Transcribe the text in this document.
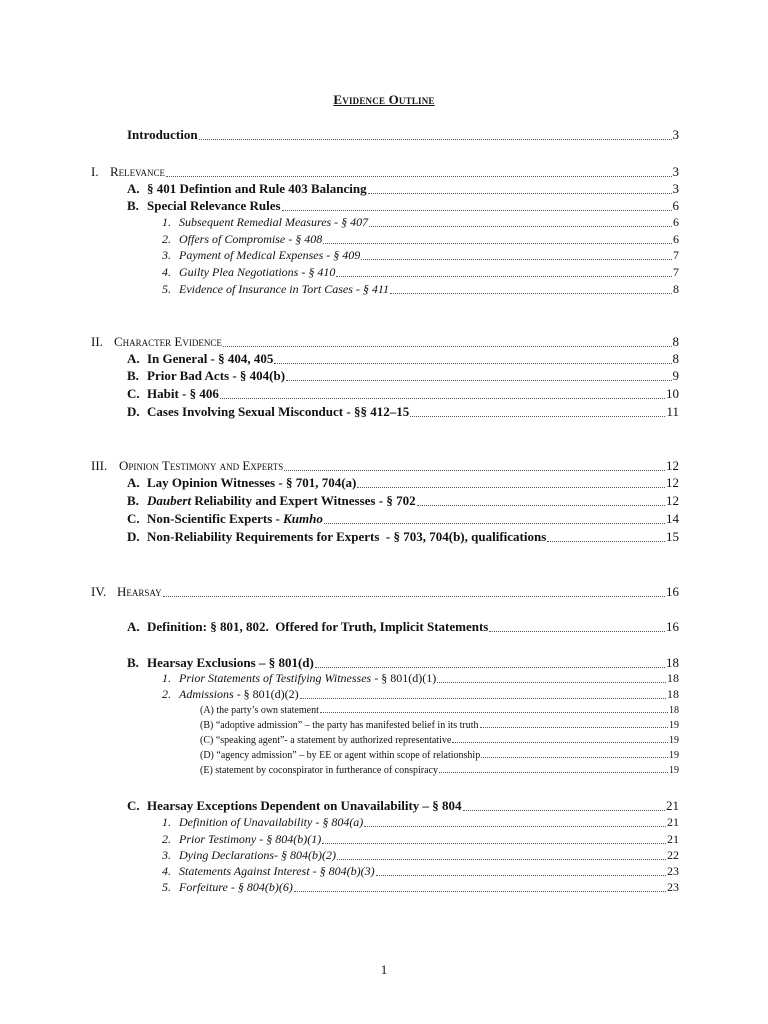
Evidence Outline
Introduction	3
I. Relevance	3
A. § 401 Defintion and Rule 403 Balancing	3
B. Special Relevance Rules	6
1. Subsequent Remedial Measures - § 407	6
2. Offers of Compromise - § 408	6
3. Payment of Medical Expenses - § 409	7
4. Guilty Plea Negotiations - § 410	7
5. Evidence of Insurance in Tort Cases - § 411	8
II. Character Evidence	8
A. In General - § 404, 405	8
B. Prior Bad Acts - § 404(b)	9
C. Habit - § 406	10
D. Cases Involving Sexual Misconduct - §§ 412–15	11
III. Opinion Testimony and Experts	12
A. Lay Opinion Witnesses - § 701, 704(a)	12
B. Daubert Reliability and Expert Witnesses - § 702	12
C. Non-Scientific Experts - Kumho	14
D. Non-Reliability Requirements for Experts  - § 703, 704(b), qualifications	15
IV. Hearsay	16
A. Definition: § 801, 802.  Offered for Truth, Implicit Statements	16
B. Hearsay Exclusions – § 801(d)	18
1. Prior Statements of Testifying Witnesses - § 801(d)(1)	18
2. Admissions - § 801(d)(2)	18
(A) the party’s own statement	18
(B) “adoptive admission” – the party has manifested belief in its truth	19
(C) “speaking agent”- a statement by authorized representative	19
(D) “agency admission” – by EE or agent within scope of relationship	19
(E) statement by coconspirator in furtherance of conspiracy	19
C. Hearsay Exceptions Dependent on Unavailability – § 804	21
1. Definition of Unavailability - § 804(a)	21
2. Prior Testimony - § 804(b)(1)	21
3. Dying Declarations- § 804(b)(2)	22
4. Statements Against Interest - § 804(b)(3)	23
5. Forfeiture - § 804(b)(6)	23
1
